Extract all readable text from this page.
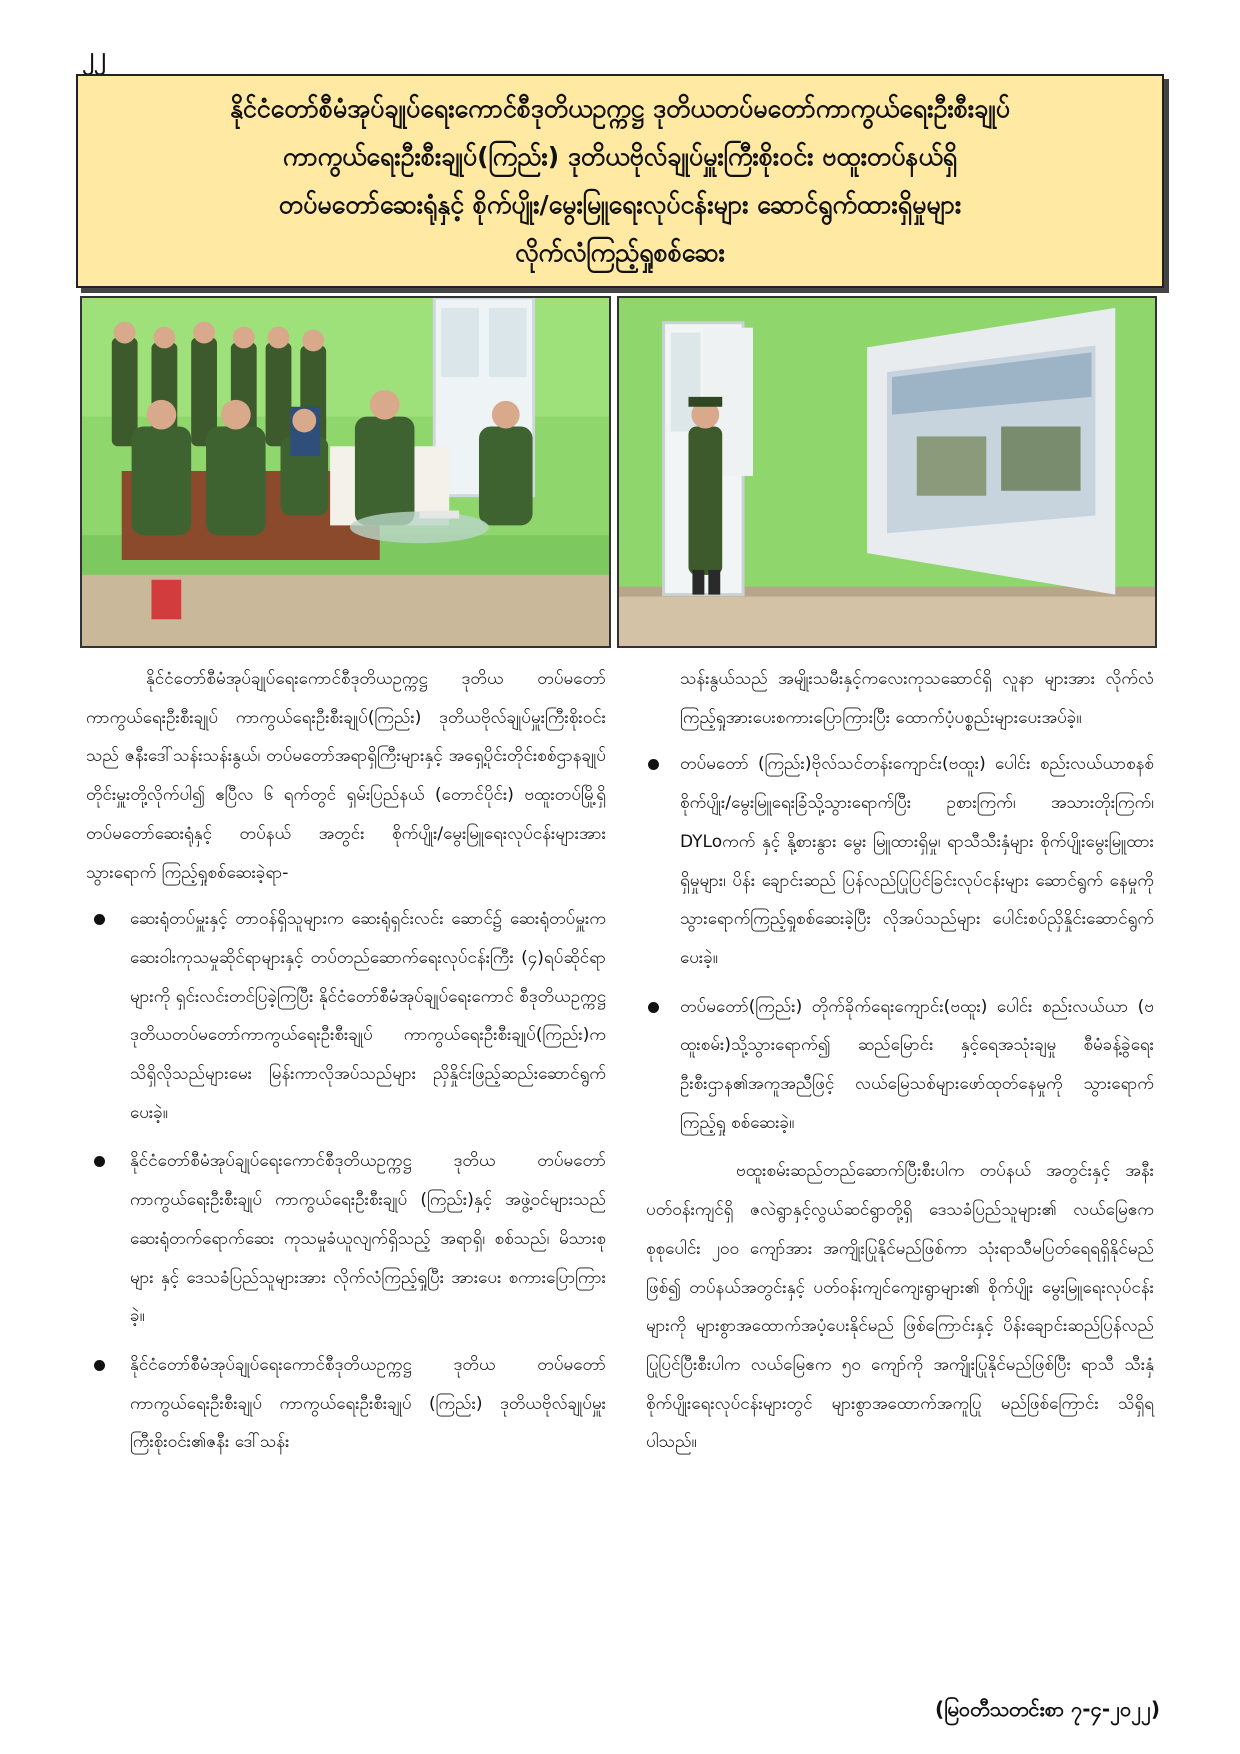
၂၂
နိုင်ငံတော်စီမံအုပ်ချုပ်ရေးကောင်စီဒုတိယဥက္ကဋ္ဌ ဒုတိယတပ်မတော်ကာကွယ်ရေးဦးစီးချုပ်
ကာကွယ်ရေးဦးစီးချုပ်(ကြည်း) ဒုတိယဗိုလ်ချုပ်မှူးကြီးစိုးဝင်း ဗထူးတပ်နယ်ရှိ
တပ်မတော်ဆေးရုံနှင့် စိုက်ပျိုး/မွေးမြူရေးလုပ်ငန်းများ ဆောင်ရွက်ထားရှိမှုများ
လိုက်လံကြည့်ရှုစစ်ဆေး

နိုင်ငံတော်စီမံအုပ်ချုပ်ရေးကောင်စီဒုတိယဥက္ကဋ္ဌ ဒုတိယ တပ်မတော်ကာကွယ်ရေးဦးစီးချုပ် ကာကွယ်ရေးဦးစီးချုပ်(ကြည်း) ဒုတိယဗိုလ်ချုပ်မှူးကြီးစိုးဝင်းသည် ဇနီးဒေါ်သန်းသန်းနွယ်၊ တပ်မတော်အရာရှိကြီးများနှင့် အရှေ့ပိုင်းတိုင်းစစ်ဌာနချုပ် တိုင်းမှူးတို့လိုက်ပါ၍ ဧပြီလ ၆ ရက်တွင် ရှမ်းပြည်နယ် (တောင်ပိုင်း) ဗထူးတပ်မြို့ရှိ တပ်မတော်ဆေးရုံနှင့် တပ်နယ် အတွင်း စိုက်ပျိုး/မွေးမြူရေးလုပ်ငန်းများအား သွားရောက် ကြည့်ရှုစစ်ဆေးခဲ့ရာ-

ဆေးရုံတပ်မှူးနှင့် တာဝန်ရှိသူများက ဆေးရုံရှင်းလင်း ဆောင်၌ ဆေးရုံတပ်မှူးက ဆေးဝါးကုသမှုဆိုင်ရာများနှင့် တပ်တည်ဆောက်ရေးလုပ်ငန်းကြီး (၄)ရပ်ဆိုင်ရာများကို ရှင်းလင်းတင်ပြခဲ့ကြပြီး နိုင်ငံတော်စီမံအုပ်ချုပ်ရေးကောင် စီဒုတိယဥက္ကဋ္ဌ ဒုတိယတပ်မတော်ကာကွယ်ရေးဦးစီးချုပ် ကာကွယ်ရေးဦးစီးချုပ်(ကြည်း)က သိရှိလိုသည်များမေး မြန်းကာလိုအပ်သည်များ ညှိနှိုင်းဖြည့်ဆည်းဆောင်ရွက် ပေးခဲ့။
နိုင်ငံတော်စီမံအုပ်ချုပ်ရေးကောင်စီဒုတိယဥက္ကဋ္ဌ ဒုတိယ တပ်မတော်ကာကွယ်ရေးဦးစီးချုပ် ကာကွယ်ရေးဦးစီးချုပ် (ကြည်း)နှင့် အဖွဲ့ဝင်များသည် ဆေးရုံတက်ရောက်ဆေး ကုသမှုခံယူလျက်ရှိသည့် အရာရှိ၊ စစ်သည်၊ မိသားစုများ နှင့် ဒေသခံပြည်သူများအား လိုက်လံကြည့်ရှုပြီး အားပေး စကားပြောကြားခဲ့။
နိုင်ငံတော်စီမံအုပ်ချုပ်ရေးကောင်စီဒုတိယဥက္ကဋ္ဌ ဒုတိယ တပ်မတော်ကာကွယ်ရေးဦးစီးချုပ် ကာကွယ်ရေးဦးစီးချုပ် (ကြည်း) ဒုတိယဗိုလ်ချုပ်မှူးကြီးစိုးဝင်း၏ဇနီး ဒေါ်သန်း

သန်းနွယ်သည် အမျိုးသမီးနှင့်ကလေးကုသဆောင်ရှိ လူနာ များအား လိုက်လံကြည့်ရှုအားပေးစကားပြောကြားပြီး ထောက်ပံ့ပစ္စည်းများပေးအပ်ခဲ့။

တပ်မတော် (ကြည်း)ဗိုလ်သင်တန်းကျောင်း(ဗထူး) ပေါင်း စည်းလယ်ယာစနစ် စိုက်ပျိုး/မွေးမြူရေးခြံသို့သွားရောက်ပြီး ဥစားကြက်၊ အသားတိုးကြက်၊ DYLoကက် နှင့် နို့စားနွား မွေး မြူထားရှိမှု၊ ရာသီသီးနှံများ စိုက်ပျိုးမွေးမြူထားရှိမှုများ၊ ပိန်း ချောင်းဆည် ပြန်လည်ပြုပြင်ခြင်းလုပ်ငန်းများ ဆောင်ရွက် နေမှုကို သွားရောက်ကြည့်ရှုစစ်ဆေးခဲ့ပြီး လိုအပ်သည်များ ပေါင်းစပ်ညှိနှိုင်းဆောင်ရွက်ပေးခဲ့။
တပ်မတော်(ကြည်း) တိုက်ခိုက်ရေးကျောင်း(ဗထူး) ပေါင်း စည်းလယ်ယာ (ဗထူးစမ်း)သို့သွားရောက်၍ ဆည်မြောင်း နှင့်ရေအသုံးချမှု စီမံခန့်ခွဲရေးဦးစီးဌာန၏အကူအညီဖြင့် လယ်မြေသစ်များဖော်ထုတ်နေမှုကို သွားရောက်ကြည့်ရှု စစ်ဆေးခဲ့။

ဗထူးစမ်းဆည်တည်ဆောက်ပြီးစီးပါက တပ်နယ် အတွင်းနှင့် အနီးပတ်ဝန်းကျင်ရှိ ဇလဲရွာနှင့်လွယ်ဆင်ရွာတို့ရှိ ဒေသခံပြည်သူများ၏ လယ်မြေဧကစုစုပေါင်း ၂၀၀ ကျော်အား အကျိုးပြုနိုင်မည်ဖြစ်ကာ သုံးရာသီမပြတ်ရေရရှိနိုင်မည်ဖြစ်၍ တပ်နယ်အတွင်းနှင့် ပတ်ဝန်းကျင်ကျေးရွာများ၏ စိုက်ပျိုး မွေးမြူရေးလုပ်ငန်းများကို များစွာအထောက်အပံ့ပေးနိုင်မည် ဖြစ်ကြောင်းနှင့် ပိန်းချောင်းဆည်ပြန်လည်ပြုပြင်ပြီးစီးပါက လယ်မြေဧက ၅၀ ကျော်ကို အကျိုးပြုနိုင်မည်ဖြစ်ပြီး ရာသီ သီးနှံစိုက်ပျိုးရေးလုပ်ငန်းများတွင် များစွာအထောက်အကူပြု မည်ဖြစ်ကြောင်း သိရှိရပါသည်။

(မြဝတီသတင်းစာ ၇-၄-၂၀၂၂)
